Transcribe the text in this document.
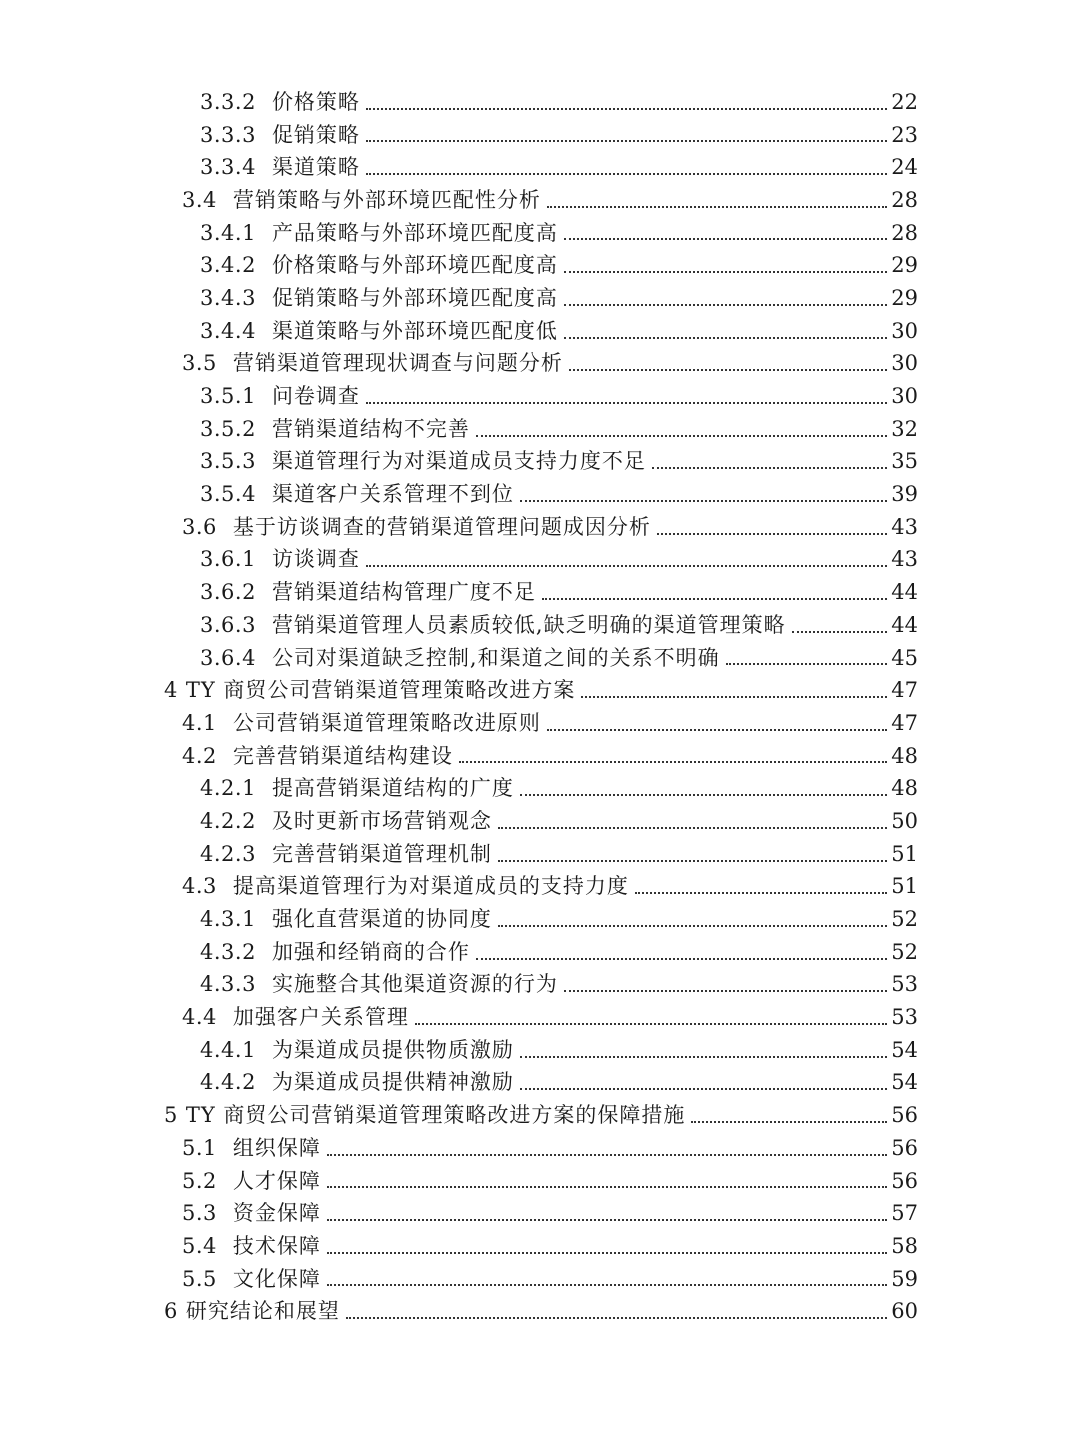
3.3.2 价格策略	22
3.3.3 促销策略	23
3.3.4 渠道策略	24
3.4 营销策略与外部环境匹配性分析	28
3.4.1 产品策略与外部环境匹配度高	28
3.4.2 价格策略与外部环境匹配度高	29
3.4.3 促销策略与外部环境匹配度高	29
3.4.4 渠道策略与外部环境匹配度低	30
3.5 营销渠道管理现状调查与问题分析	30
3.5.1 问卷调查	30
3.5.2 营销渠道结构不完善	32
3.5.3 渠道管理行为对渠道成员支持力度不足	35
3.5.4 渠道客户关系管理不到位	39
3.6 基于访谈调查的营销渠道管理问题成因分析	43
3.6.1 访谈调查	43
3.6.2 营销渠道结构管理广度不足	44
3.6.3 营销渠道管理人员素质较低,缺乏明确的渠道管理策略	44
3.6.4 公司对渠道缺乏控制,和渠道之间的关系不明确	45
4 TY 商贸公司营销渠道管理策略改进方案	47
4.1 公司营销渠道管理策略改进原则	47
4.2 完善营销渠道结构建设	48
4.2.1 提高营销渠道结构的广度	48
4.2.2 及时更新市场营销观念	50
4.2.3 完善营销渠道管理机制	51
4.3 提高渠道管理行为对渠道成员的支持力度	51
4.3.1 强化直营渠道的协同度	52
4.3.2 加强和经销商的合作	52
4.3.3 实施整合其他渠道资源的行为	53
4.4 加强客户关系管理	53
4.4.1 为渠道成员提供物质激励	54
4.4.2 为渠道成员提供精神激励	54
5 TY 商贸公司营销渠道管理策略改进方案的保障措施	56
5.1 组织保障	56
5.2 人才保障	56
5.3 资金保障	57
5.4 技术保障	58
5.5 文化保障	59
6 研究结论和展望	60
